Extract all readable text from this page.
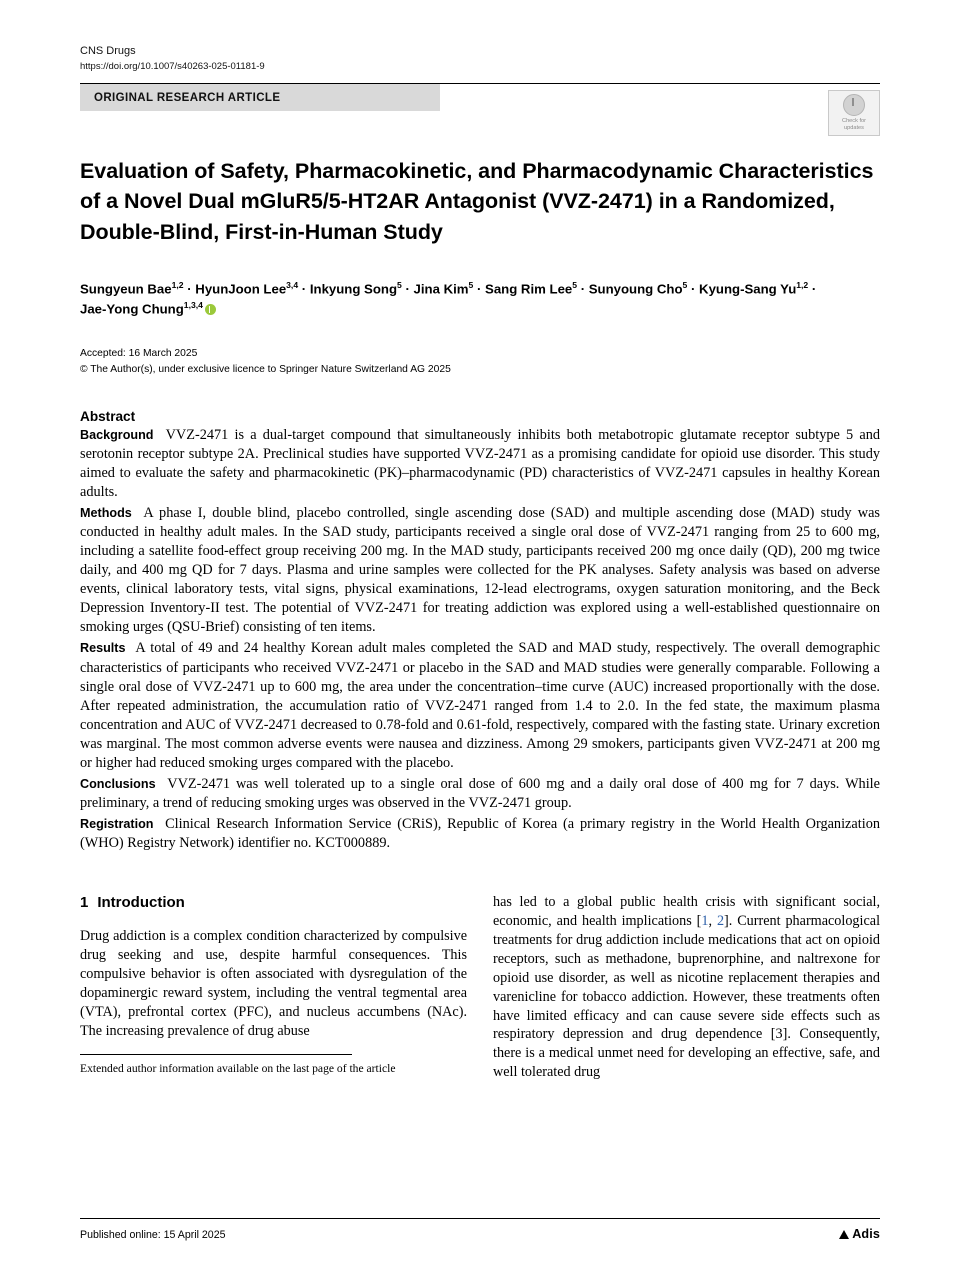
CNS Drugs
https://doi.org/10.1007/s40263-025-01181-9
ORIGINAL RESEARCH ARTICLE
Check for
updates
Evaluation of Safety, Pharmacokinetic, and Pharmacodynamic Characteristics of a Novel Dual mGluR5/5-HT2AR Antagonist (VVZ-2471) in a Randomized, Double-Blind, First-in-Human Study
Sungyeun Bae$^{1,2}$ · HyunJoon Lee$^{3,4}$ · Inkyung Song$^5$ · Jina Kim$^5$ · Sang Rim Lee$^5$ · Sunyoung Cho$^5$ · Kyung-Sang Yu$^{1,2}$ ·
Jae-Yong Chung$^{1,3,4}$
Accepted: 16 March 2025
© The Author(s), under exclusive licence to Springer Nature Switzerland AG 2025
Abstract
Background VVZ-2471 is a dual-target compound that simultaneously inhibits both metabotropic glutamate receptor subtype 5 and serotonin receptor subtype 2A. Preclinical studies have supported VVZ-2471 as a promising candidate for opioid use disorder. This study aimed to evaluate the safety and pharmacokinetic (PK)–pharmacodynamic (PD) characteristics of VVZ-2471 capsules in healthy Korean adults.
Methods A phase I, double blind, placebo controlled, single ascending dose (SAD) and multiple ascending dose (MAD) study was conducted in healthy adult males. In the SAD study, participants received a single oral dose of VVZ-2471 ranging from 25 to 600 mg, including a satellite food-effect group receiving 200 mg. In the MAD study, participants received 200 mg once daily (QD), 200 mg twice daily, and 400 mg QD for 7 days. Plasma and urine samples were collected for the PK analyses. Safety analysis was based on adverse events, clinical laboratory tests, vital signs, physical examinations, 12-lead electrograms, oxygen saturation monitoring, and the Beck Depression Inventory-II test. The potential of VVZ-2471 for treating addiction was explored using a well-established questionnaire on smoking urges (QSU-Brief) consisting of ten items.
Results A total of 49 and 24 healthy Korean adult males completed the SAD and MAD study, respectively. The overall demographic characteristics of participants who received VVZ-2471 or placebo in the SAD and MAD studies were generally comparable. Following a single oral dose of VVZ-2471 up to 600 mg, the area under the concentration–time curve (AUC) increased proportionally with the dose. After repeated administration, the accumulation ratio of VVZ-2471 ranged from 1.4 to 2.0. In the fed state, the maximum plasma concentration and AUC of VVZ-2471 decreased to 0.78-fold and 0.61-fold, respectively, compared with the fasting state. Urinary excretion was marginal. The most common adverse events were nausea and dizziness. Among 29 smokers, participants given VVZ-2471 at 200 mg or higher had reduced smoking urges compared with the placebo.
Conclusions VVZ-2471 was well tolerated up to a single oral dose of 600 mg and a daily oral dose of 400 mg for 7 days. While preliminary, a trend of reducing smoking urges was observed in the VVZ-2471 group.
Registration Clinical Research Information Service (CRiS), Republic of Korea (a primary registry in the World Health Organization (WHO) Registry Network) identifier no. KCT000889.
1 Introduction

Drug addiction is a complex condition characterized by compulsive drug seeking and use, despite harmful consequences. This compulsive behavior is often associated with dysregulation of the dopaminergic reward system, including the ventral tegmental area (VTA), prefrontal cortex (PFC), and nucleus accumbens (NAc). The increasing prevalence of drug abuse

Extended author information available on the last page of the article

has led to a global public health crisis with significant social, economic, and health implications [1, 2]. Current pharmacological treatments for drug addiction include medications that act on opioid receptors, such as methadone, buprenorphine, and naltrexone for opioid use disorder, as well as nicotine replacement therapies and varenicline for tobacco addiction. However, these treatments often have limited efficacy and can cause severe side effects such as respiratory depression and drug dependence [3]. Consequently, there is a medical unmet need for developing an effective, safe, and well tolerated drug

Published online: 15 April 2025	Adis
